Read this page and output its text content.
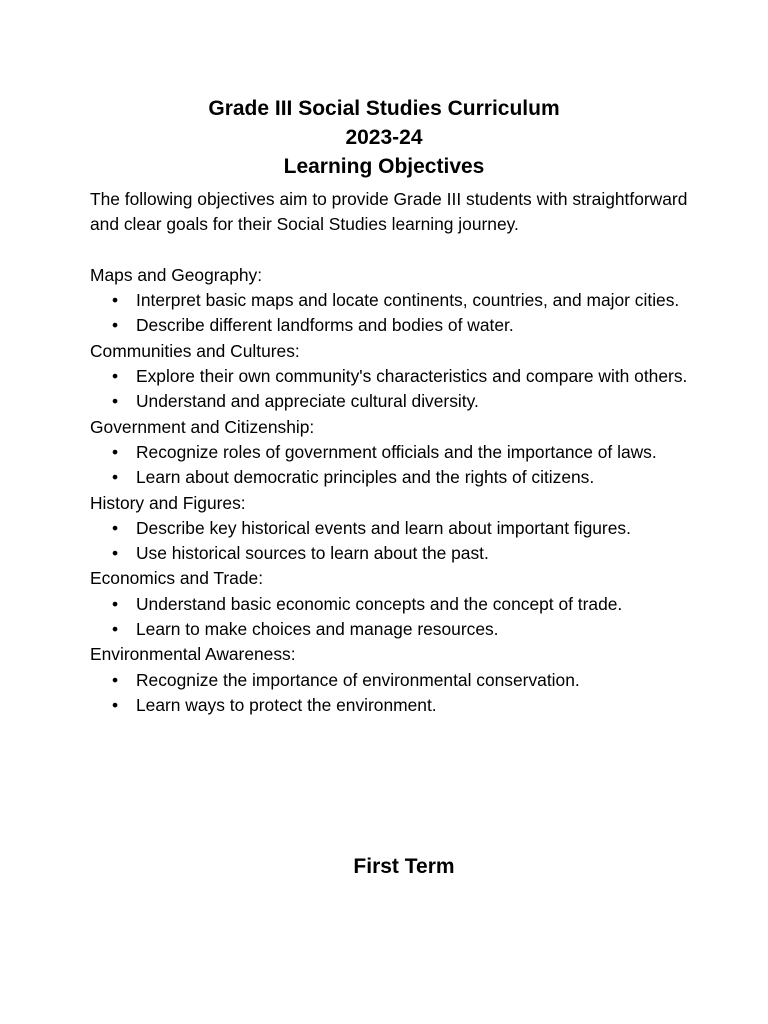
Grade III Social Studies Curriculum
2023-24
Learning Objectives

The following objectives aim to provide Grade III students with straightforward and clear goals for their Social Studies learning journey.

Maps and Geography:

•	Interpret basic maps and locate continents, countries, and major cities.
•	Describe different landforms and bodies of water.

Communities and Cultures:

•	Explore their own community's characteristics and compare with others.
•	Understand and appreciate cultural diversity.

Government and Citizenship:

•	Recognize roles of government officials and the importance of laws.
•	Learn about democratic principles and the rights of citizens.

History and Figures:

•	Describe key historical events and learn about important figures.
•	Use historical sources to learn about the past.

Economics and Trade:

•	Understand basic economic concepts and the concept of trade.
•	Learn to make choices and manage resources.

Environmental Awareness:

•	Recognize the importance of environmental conservation.
•	Learn ways to protect the environment.
First Term
